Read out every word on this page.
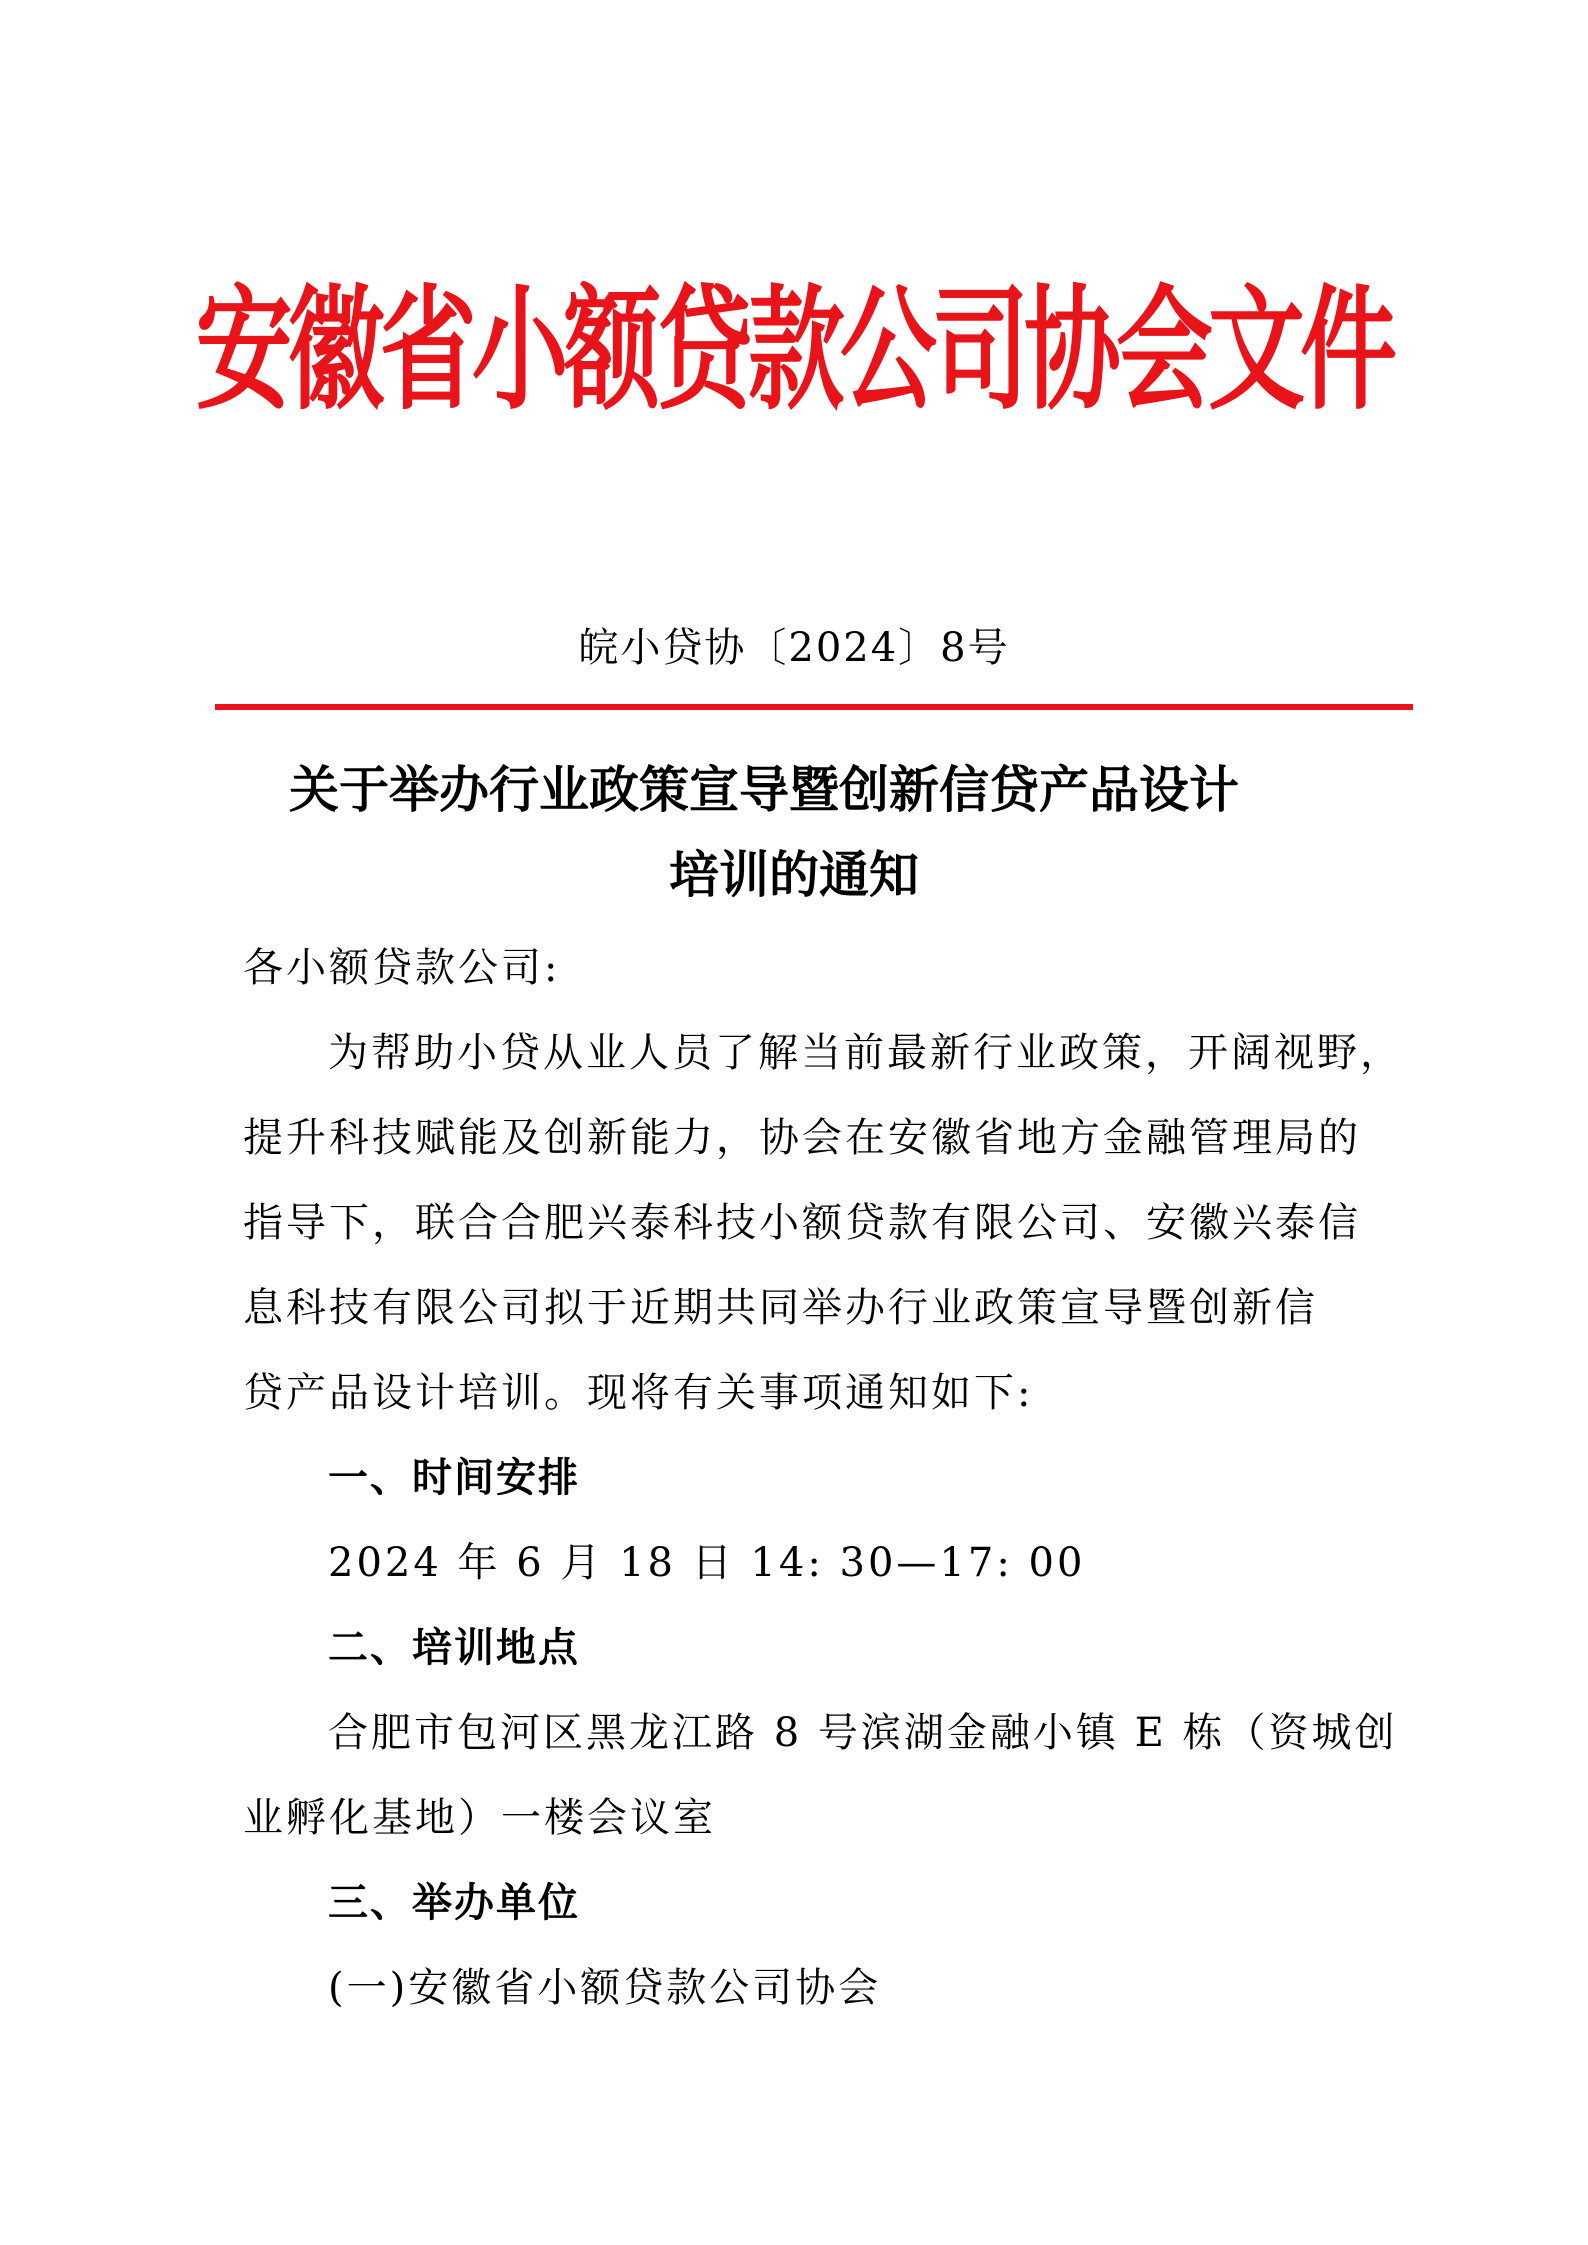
安徽省小额贷款公司协会文件
皖小贷协〔2024〕8号
关于举办行业政策宣导暨创新信贷产品设计
培训的通知
各小额贷款公司:
为帮助小贷从业人员了解当前最新行业政策，开阔视野，
提升科技赋能及创新能力，协会在安徽省地方金融管理局的
指导下，联合合肥兴泰科技小额贷款有限公司、安徽兴泰信
息科技有限公司拟于近期共同举办行业政策宣导暨创新信
贷产品设计培训。现将有关事项通知如下:
一、时间安排
2024 年 6 月 18 日 14: 30—17: 00
二、培训地点
合肥市包河区黑龙江路 8 号滨湖金融小镇 E 栋（资城创
业孵化基地）一楼会议室
三、举办单位
(一)安徽省小额贷款公司协会
